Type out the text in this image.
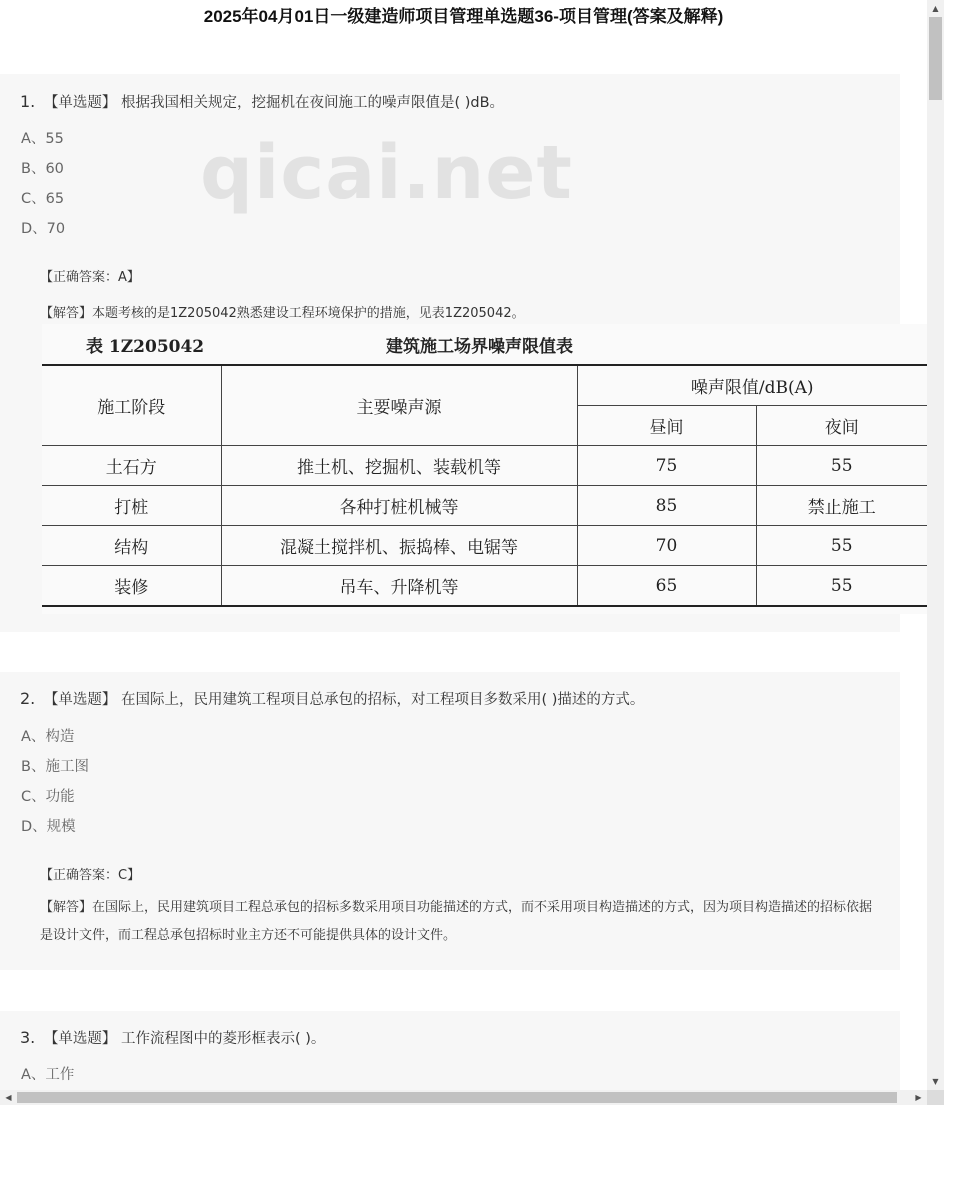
2025年04月01日一级建造师项目管理单选题36-项目管理(答案及解释)
1. 【单选题】 根据我国相关规定，挖掘机在夜间施工的噪声限值是( )dB。
A、55
B、60
C、65
D、70
【正确答案：A】
【解答】本题考核的是1Z205042熟悉建设工程环境保护的措施，见表1Z205042。
qicai.net
表 1Z205042	建筑施工场界噪声限值表
施工阶段	主要噪声源	噪声限值/dB(A)	
		昼间	夜间
土石方	推土机、挖掘机、装载机等	75	55
打桩	各种打桩机械等	85	禁止施工
结构	混凝土搅拌机、振捣棒、电锯等	70	55
装修	吊车、升降机等	65	55
2. 【单选题】 在国际上，民用建筑工程项目总承包的招标，对工程项目多数采用( )描述的方式。
A、构造
B、施工图
C、功能
D、规模
【正确答案：C】
【解答】在国际上，民用建筑项目工程总承包的招标多数采用项目功能描述的方式，而不采用项目构造描述的方式，因为项目构造描述的招标依据是设计文件，而工程总承包招标时业主方还不可能提供具体的设计文件。
3. 【单选题】 工作流程图中的菱形框表示( )。
A、工作
▲
▼
◀	▶
